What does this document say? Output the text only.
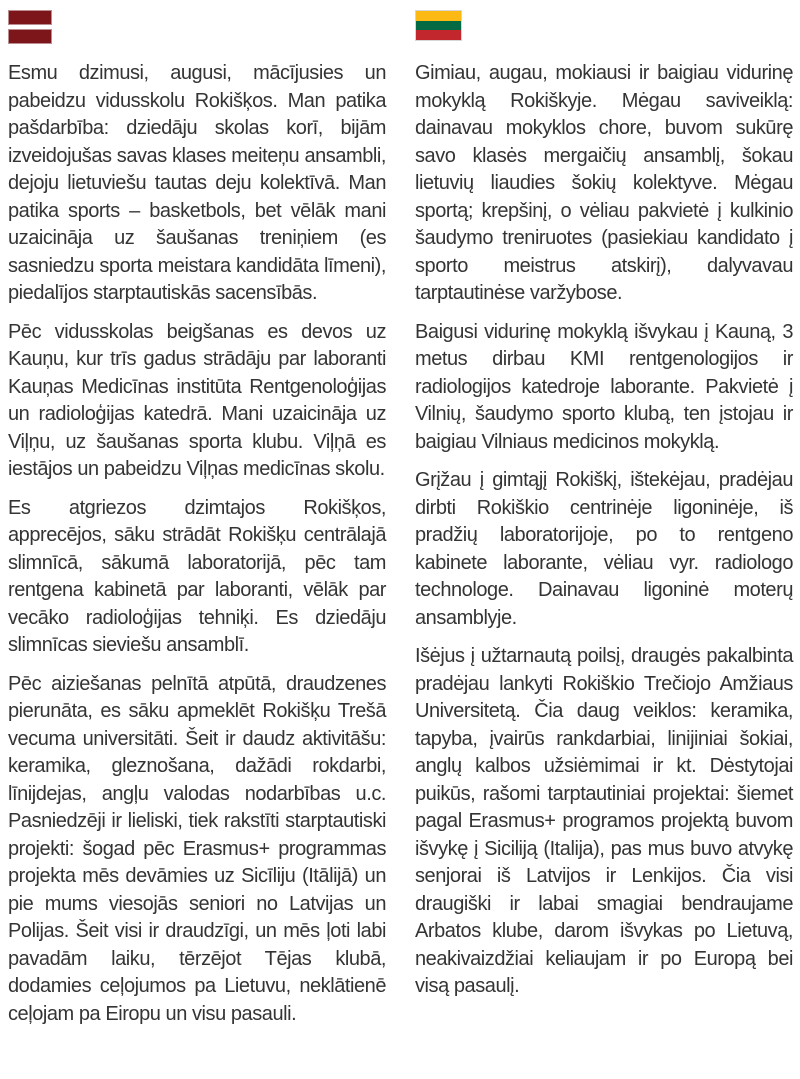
Esmu dzimusi, augusi, mācījusies un pabeidzu vidusskolu Rokišķos. Man patika pašdarbība: dziedāju skolas korī, bijām izveidojušas savas klases meiteņu ansambli, dejoju lietuviešu tautas deju kolektīvā. Man patika sports – basketbols, bet vēlāk mani uzaicināja uz šaušanas treniņiem (es sasniedzu sporta meistara kandidāta līmeni), piedalījos starptautiskās sacensībās.

Pēc vidusskolas beigšanas es devos uz Kauņu, kur trīs gadus strādāju par laboranti Kauņas Medicīnas institūta Rentgenoloģijas un radioloģijas katedrā. Mani uzaicināja uz Viļņu, uz šaušanas sporta klubu. Viļņā es iestājos un pabeidzu Viļņas medicīnas skolu.

Es atgriezos dzimtajos Rokišķos, apprecējos, sāku strādāt Rokišķu centrālajā slimnīcā, sākumā laboratorijā, pēc tam rentgena kabinetā par laboranti, vēlāk par vecāko radioloģijas tehniķi. Es dziedāju slimnīcas sieviešu ansamblī.

Pēc aiziešanas pelnītā atpūtā, draudzenes pierunāta, es sāku apmeklēt Rokišķu Trešā vecuma universitāti. Šeit ir daudz aktivitāšu: keramika, gleznošana, dažādi rokdarbi, līnijdejas, angļu valodas nodarbības u.c. Pasniedzēji ir lieliski, tiek rakstīti starptautiski projekti: šogad pēc Erasmus+ programmas projekta mēs devāmies uz Sicīliju (Itālijā) un pie mums viesojās seniori no Latvijas un Polijas. Šeit visi ir draudzīgi, un mēs ļoti labi pavadām laiku, tērzējot Tējas klubā, dodamies ceļojumos pa Lietuvu, neklātienē ceļojam pa Eiropu un visu pasauli.

Gimiau, augau, mokiausi ir baigiau vidurinę mokyklą Rokiškyje. Mėgau saviveiklą: dainavau mokyklos chore, buvom sukūrę savo klasės mergaičių ansamblį, šokau lietuvių liaudies šokių kolektyve. Mėgau sportą; krepšinį, o vėliau pakvietė į kulkinio šaudymo treniruotes (pasiekiau kandidato į sporto meistrus atskirį), dalyvavau tarptautinėse varžybose.

Baigusi vidurinę mokyklą išvykau į Kauną, 3 metus dirbau KMI rentgenologijos ir radiologijos katedroje laborante. Pakvietė į Vilnių, šaudymo sporto klubą, ten įstojau ir baigiau Vilniaus medicinos mokyklą.

Grįžau į gimtąjį Rokiškį, ištekėjau, pradėjau dirbti Rokiškio centrinėje ligoninėje, iš pradžių laboratorijoje, po to rentgeno kabinete laborante, vėliau vyr. radiologo technologe. Dainavau ligoninė moterų ansamblyje.

Išėjus į užtarnautą poilsį, draugės pakalbinta pradėjau lankyti Rokiškio Trečiojo Amžiaus Universitetą. Čia daug veiklos: keramika, tapyba, įvairūs rankdarbiai, linijiniai šokiai, anglų kalbos užsiėmimai ir kt. Dėstytojai puikūs, rašomi tarptautiniai projektai: šiemet pagal Erasmus+ programos projektą buvom išvykę į Siciliją (Italija), pas mus buvo atvykę senjorai iš Latvijos ir Lenkijos. Čia visi draugiški ir labai smagiai bendraujame Arbatos klube, darom išvykas po Lietuvą, neakivaizdžiai keliaujam ir po Europą bei visą pasaulį.
